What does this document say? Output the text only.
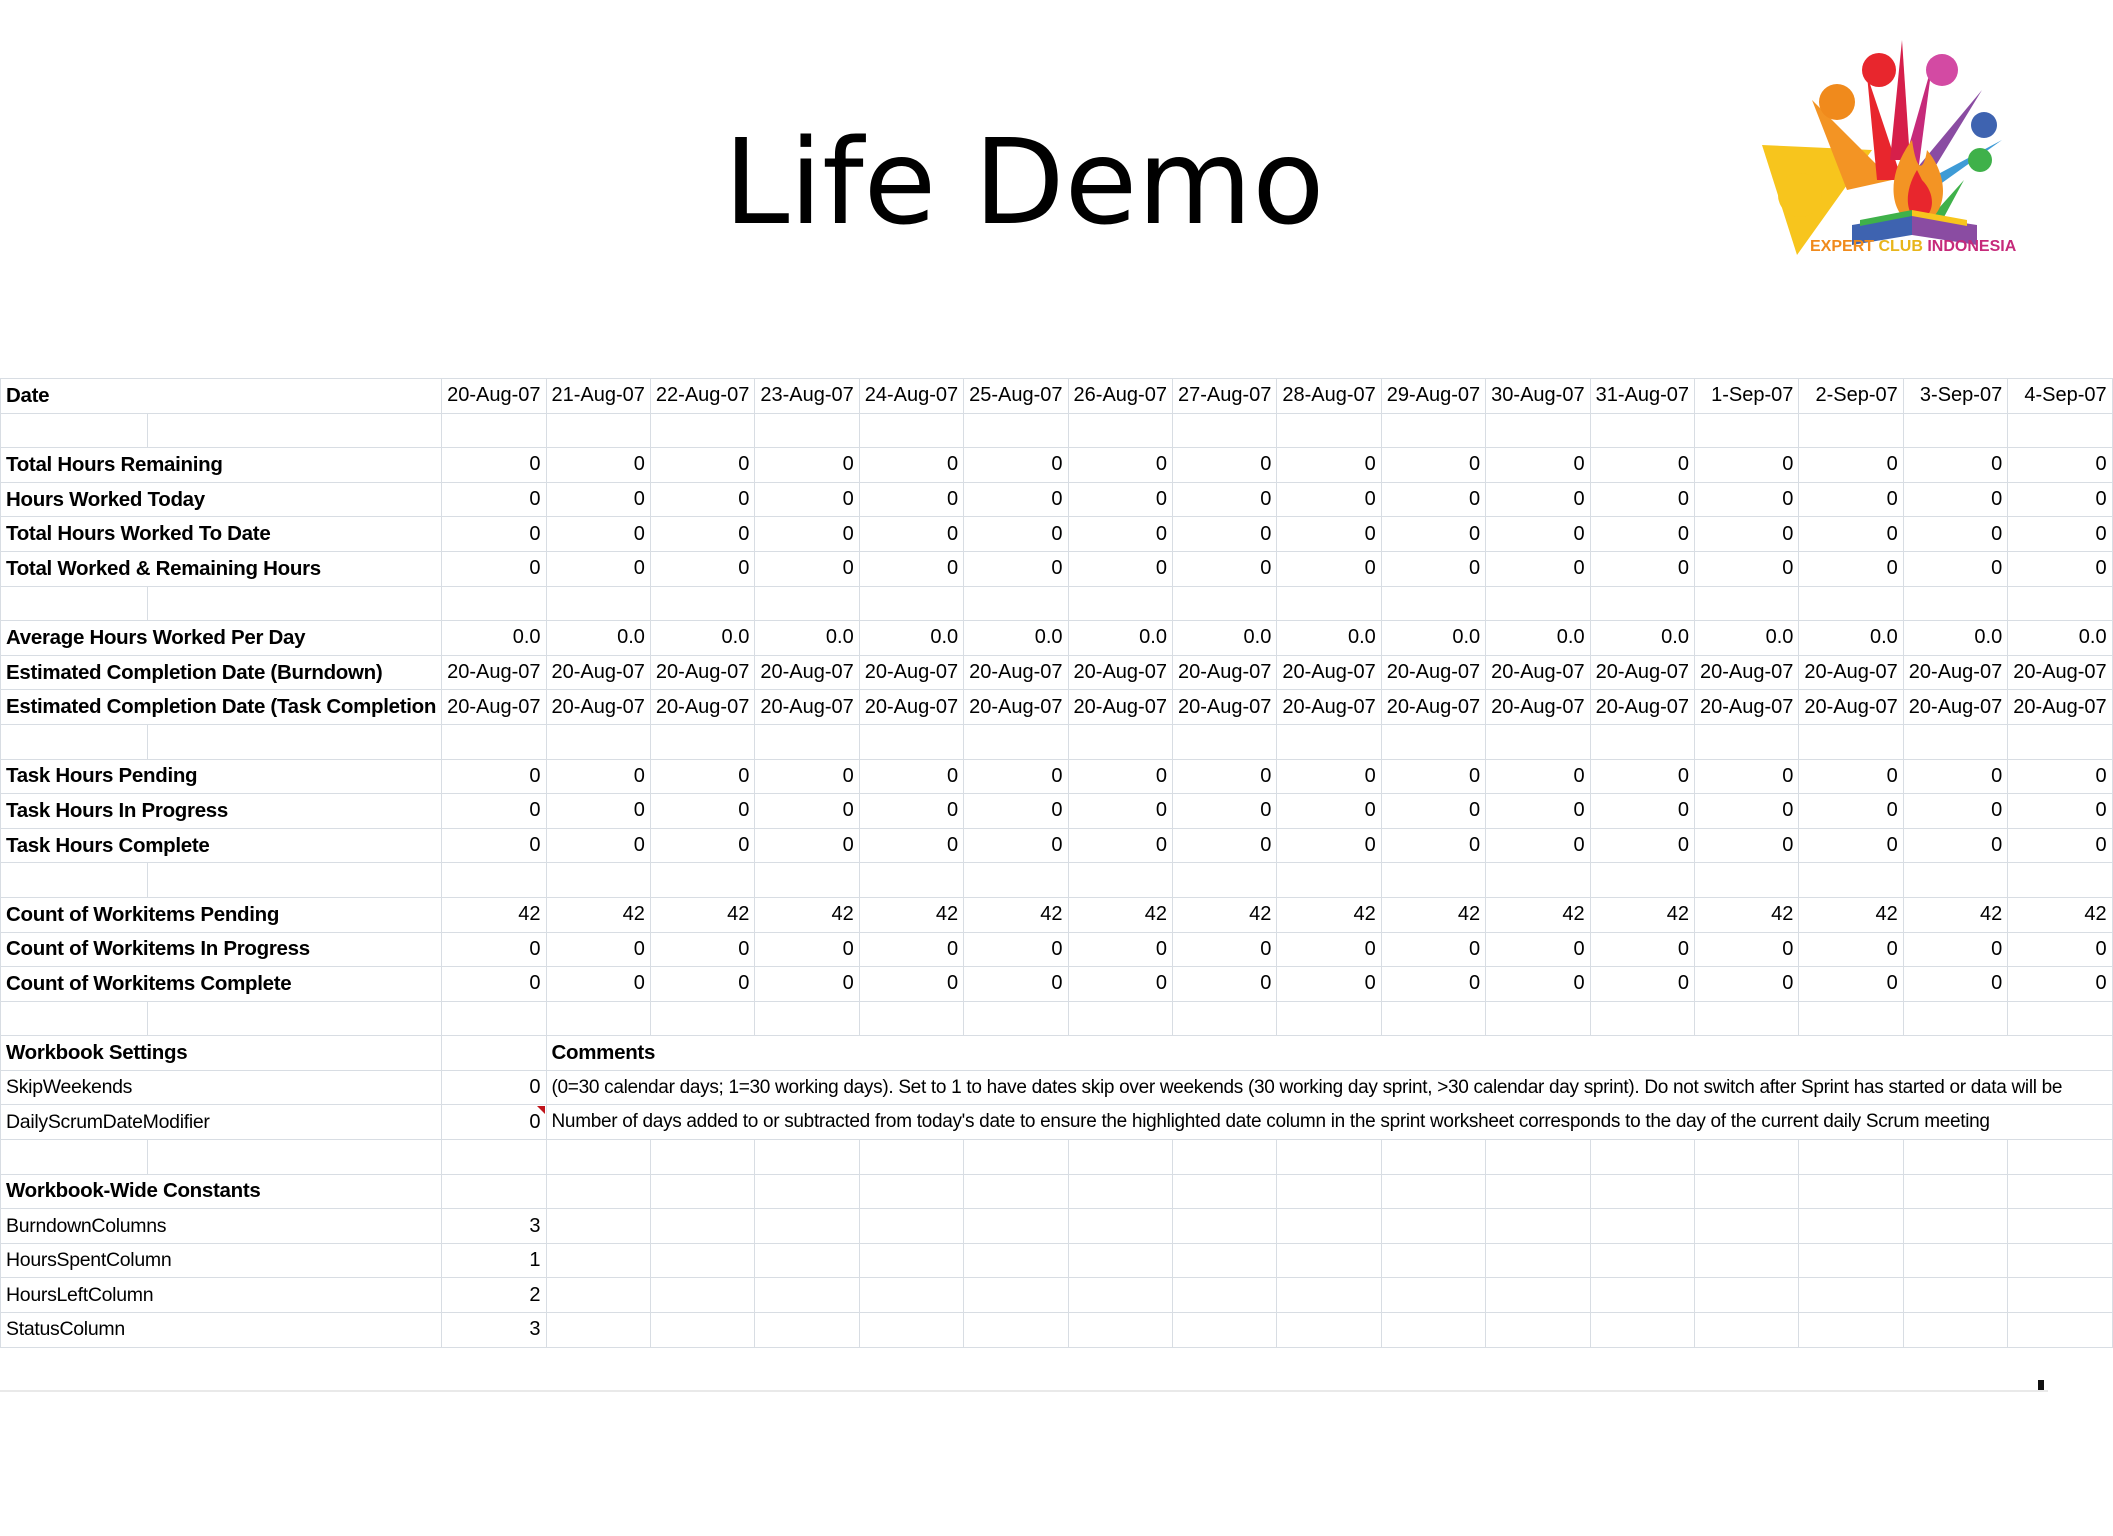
Life Demo	EXPERT CLUB INDONESIA
Date		20-Aug-07	21-Aug-07	22-Aug-07	23-Aug-07	24-Aug-07	25-Aug-07	26-Aug-07	27-Aug-07	28-Aug-07	29-Aug-07	30-Aug-07	31-Aug-07	1-Sep-07	2-Sep-07	3-Sep-07	4-Sep-07

Total Hours Remaining		0	0	0	0	0	0	0	0	0	0	0	0	0	0	0	0
Hours Worked Today		0	0	0	0	0	0	0	0	0	0	0	0	0	0	0	0
Total Hours Worked To Date		0	0	0	0	0	0	0	0	0	0	0	0	0	0	0	0
Total Worked & Remaining Hours		0	0	0	0	0	0	0	0	0	0	0	0	0	0	0	0

Average Hours Worked Per Day		0.0	0.0	0.0	0.0	0.0	0.0	0.0	0.0	0.0	0.0	0.0	0.0	0.0	0.0	0.0	0.0
Estimated Completion Date (Burndown)		20-Aug-07	20-Aug-07	20-Aug-07	20-Aug-07	20-Aug-07	20-Aug-07	20-Aug-07	20-Aug-07	20-Aug-07	20-Aug-07	20-Aug-07	20-Aug-07	20-Aug-07	20-Aug-07	20-Aug-07	20-Aug-07
Estimated Completion Date (Task Completion		20-Aug-07	20-Aug-07	20-Aug-07	20-Aug-07	20-Aug-07	20-Aug-07	20-Aug-07	20-Aug-07	20-Aug-07	20-Aug-07	20-Aug-07	20-Aug-07	20-Aug-07	20-Aug-07	20-Aug-07	20-Aug-07

Task Hours Pending		0	0	0	0	0	0	0	0	0	0	0	0	0	0	0	0
Task Hours In Progress		0	0	0	0	0	0	0	0	0	0	0	0	0	0	0	0
Task Hours Complete		0	0	0	0	0	0	0	0	0	0	0	0	0	0	0	0

Count of Workitems Pending		42	42	42	42	42	42	42	42	42	42	42	42	42	42	42	42
Count of Workitems In Progress		0	0	0	0	0	0	0	0	0	0	0	0	0	0	0	0
Count of Workitems Complete		0	0	0	0	0	0	0	0	0	0	0	0	0	0	0	0

Workbook Settings			Comments														
SkipWeekends		0	(0=30 calendar days; 1=30 working days). Set to 1 to have dates skip over weekends (30 working day sprint, >30 calendar day sprint). Do not switch after Sprint has started or data will be														
DailyScrumDateModifier		0	Number of days added to or subtracted from today's date to ensure the highlighted date column in the sprint worksheet corresponds to the day of the current daily Scrum meeting														

Workbook-Wide Constants																	
BurndownColumns		3															
HoursSpentColumn		1															
HoursLeftColumn		2															
StatusColumn		3															
